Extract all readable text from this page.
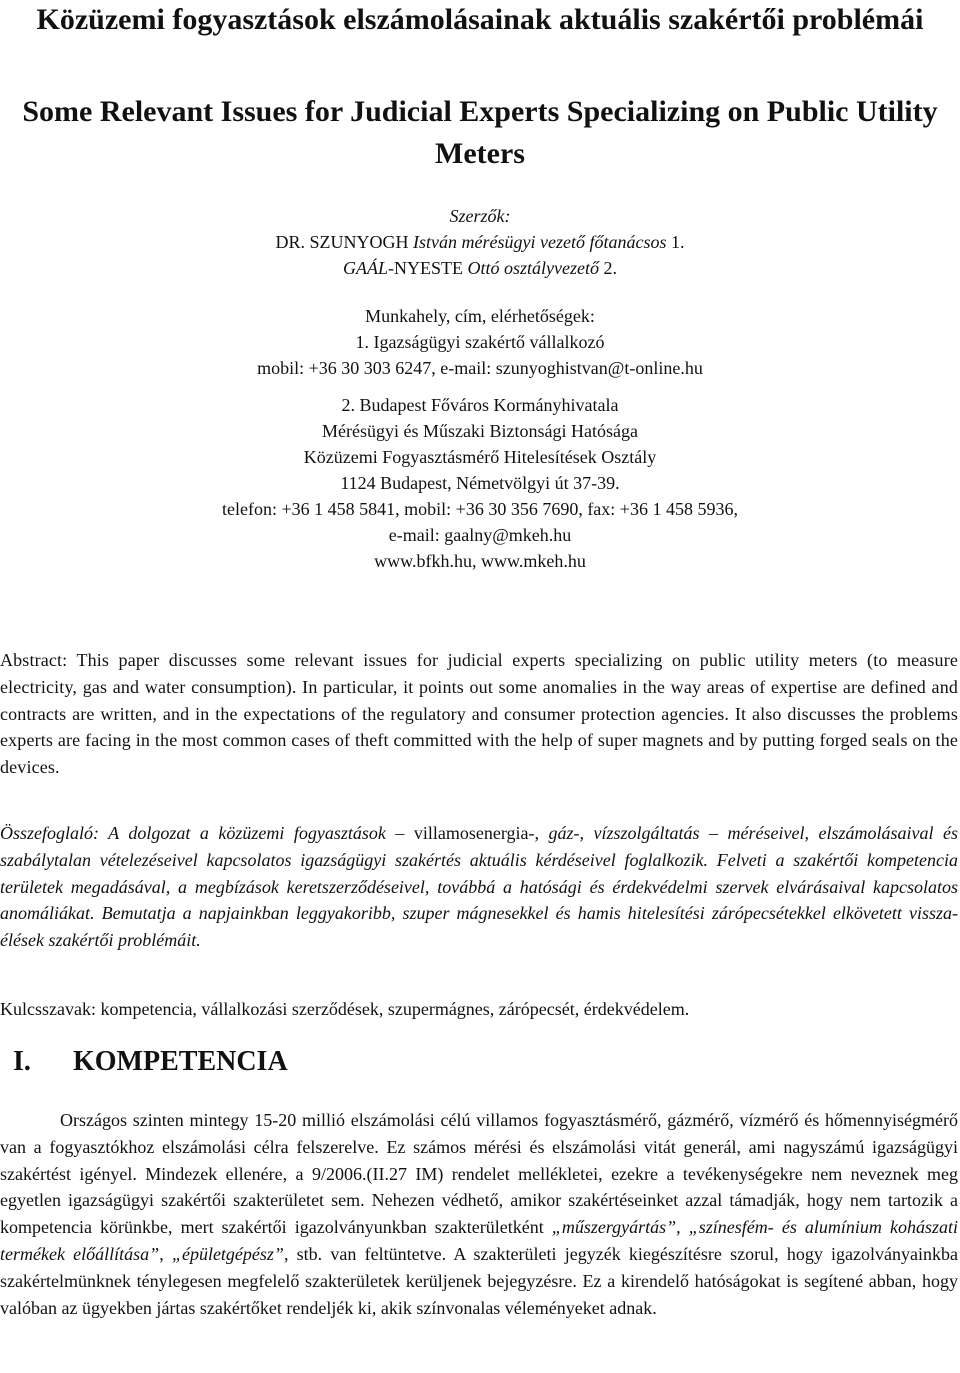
Közüzemi fogyasztások elszámolásainak aktuális szakértői problémái
Some Relevant Issues for Judicial Experts Specializing on Public Utility Meters
Szerzők:
DR. SZUNYOGH István mérésügyi vezető főtanácsos 1.
GAÁL-NYESTE Ottó osztályvezető 2.
Munkahely, cím, elérhetőségek:
1. Igazságügyi szakértő vállalkozó
mobil: +36 30 303 6247, e-mail: szunyoghistvan@t-online.hu
2. Budapest Főváros Kormányhivatala
Mérésügyi és Műszaki Biztonsági Hatósága
Közüzemi Fogyasztásmérő Hitelesítések Osztály
1124 Budapest, Németvölgyi út 37-39.
telefon: +36 1 458 5841, mobil: +36 30 356 7690, fax: +36 1 458 5936,
e-mail: gaalny@mkeh.hu
www.bfkh.hu, www.mkeh.hu
Abstract: This paper discusses some relevant issues for judicial experts specializing on public utility meters (to measure electricity, gas and water consumption). In particular, it points out some anomalies in the way areas of expertise are defined and contracts are written, and in the expectations of the regulatory and consumer protection agencies. It also discusses the problems experts are facing in the most common cases of theft committed with the help of super magnets and by putting forged seals on the devices.
Összefoglaló: A dolgozat a közüzemi fogyasztások – villamosenergia-, gáz-, vízszolgáltatás – méréseivel, elszámolásaival és szabálytalan vételezéseivel kapcsolatos igazságügyi szakértés aktuális kérdéseivel foglalkozik. Felveti a szakértői kompetencia területek megadásával, a megbízások keretszerződéseivel, továbbá a hatósági és érdekvédelmi szervek elvárásaival kapcsolatos anomáliákat. Bemutatja a napjainkban leggyakoribb, szuper mágnesekkel és hamis hitelesítési zárópecsétekkel elkövetett visszaélések szakértői problémáit.
Kulcsszavak: kompetencia, vállalkozási szerződések, szupermágnes, zárópecsét, érdekvédelem.
I. KOMPETENCIA
Országos szinten mintegy 15-20 millió elszámolási célú villamos fogyasztásmérő, gázmérő, vízmérő és hőmennyiségmérő van a fogyasztókhoz elszámolási célra felszerelve. Ez számos mérési és elszámolási vitát generál, ami nagyszámú igazságügyi szakértést igényel. Mindezek ellenére, a 9/2006.(II.27 IM) rendelet mellékletei, ezekre a tevékenységekre nem neveznek meg egyetlen igazságügyi szakértői szakterületet sem. Nehezen védhető, amikor szakértéseinket azzal támadják, hogy nem tartozik a kompetencia körünkbe, mert szakértői igazolványunkban szakterületként „műszergyártás”, „színesfém- és alumínium kohászati termékek előállítása”, „épületgépész”, stb. van feltüntetve. A szakterületi jegyzék kiegészítésre szorul, hogy igazolványainkba szakértelmünknek ténylegesen megfelelő szakterületek kerüljenek bejegyzésre. Ez a kirendelő hatóságokat is segítené abban, hogy valóban az ügyekben jártas szakértőket rendeljék ki, akik színvonalas véleményeket adnak.
